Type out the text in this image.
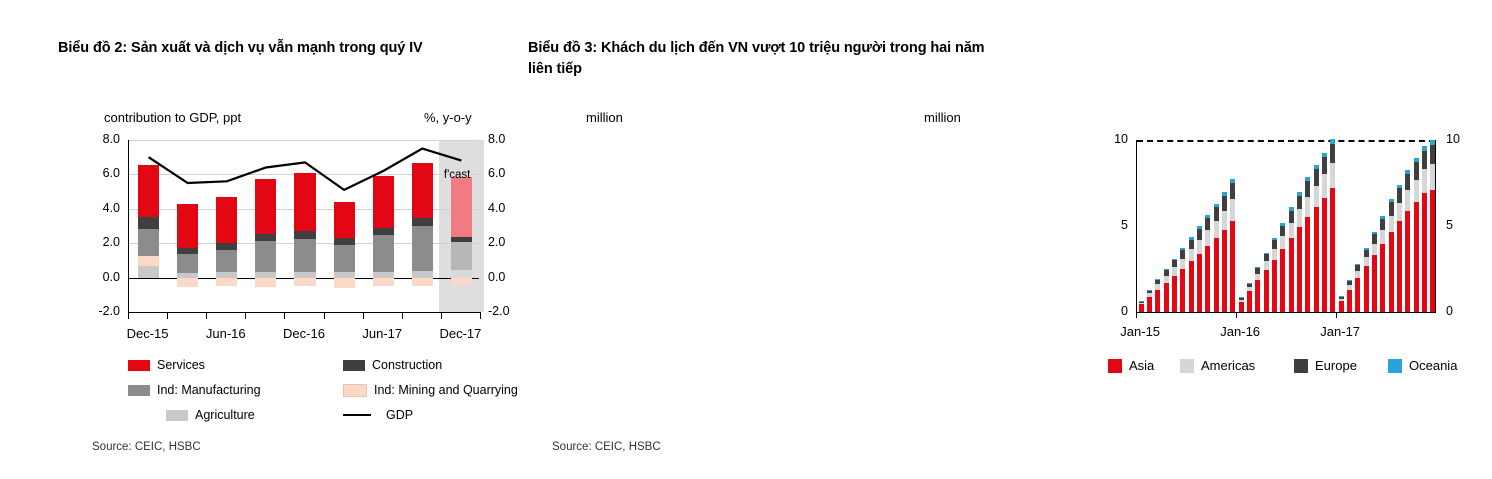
Biểu đồ 2: Sản xuất và dịch vụ vẫn mạnh trong quý IV
contribution to GDP, ppt	%, y-o-y
f'cast
-2.0
0.0
2.0
4.0
6.0
8.0
-2.0
0.0
2.0
4.0
6.0
8.0
Dec-15	Jun-16	Dec-16	Jun-17	Dec-17
Services	Construction
Ind: Manufacturing	Ind: Mining and Quarrying
Agriculture	GDP
Source: CEIC, HSBC
Biểu đồ 3: Khách du lịch đến VN vượt 10 triệu người trong hai năm liên tiếp
million	million
0
5
10
0
5
10
Jan-15	Jan-16	Jan-17
Asia	Americas	Europe	Oceania
Source: CEIC, HSBC
